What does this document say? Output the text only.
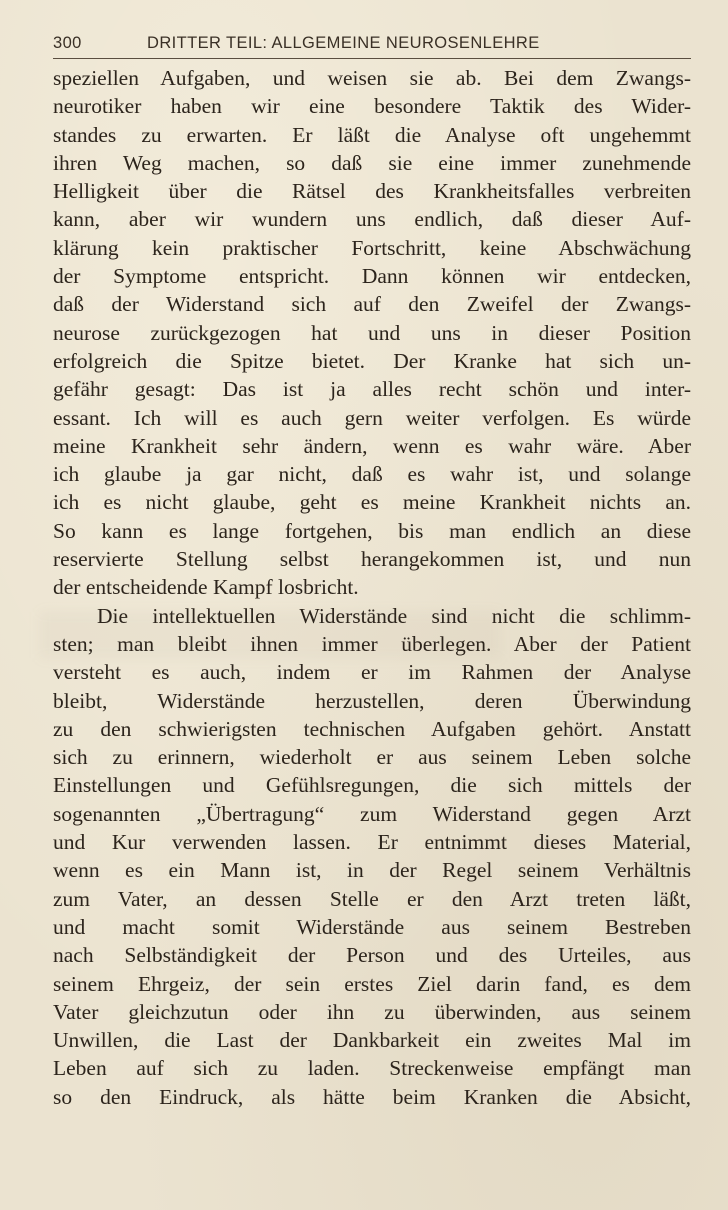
300	DRITTER TEIL: ALLGEMEINE NEUROSENLEHRE
speziellen Aufgaben, und weisen sie ab. Bei dem Zwangs-
neurotiker haben wir eine besondere Taktik des Wider-
standes zu erwarten. Er läßt die Analyse oft ungehemmt
ihren Weg machen, so daß sie eine immer zunehmende
Helligkeit über die Rätsel des Krankheitsfalles verbreiten
kann, aber wir wundern uns endlich, daß dieser Auf-
klärung kein praktischer Fortschritt, keine Abschwächung
der Symptome entspricht. Dann können wir entdecken,
daß der Widerstand sich auf den Zweifel der Zwangs-
neurose zurückgezogen hat und uns in dieser Position
erfolgreich die Spitze bietet. Der Kranke hat sich un-
gefähr gesagt: Das ist ja alles recht schön und inter-
essant. Ich will es auch gern weiter verfolgen. Es würde
meine Krankheit sehr ändern, wenn es wahr wäre. Aber
ich glaube ja gar nicht, daß es wahr ist, und solange
ich es nicht glaube, geht es meine Krankheit nichts an.
So kann es lange fortgehen, bis man endlich an diese
reservierte Stellung selbst herangekommen ist, und nun
der entscheidende Kampf losbricht.
Die intellektuellen Widerstände sind nicht die schlimm-
sten; man bleibt ihnen immer überlegen. Aber der Patient
versteht es auch, indem er im Rahmen der Analyse
bleibt, Widerstände herzustellen, deren Überwindung
zu den schwierigsten technischen Aufgaben gehört. Anstatt
sich zu erinnern, wiederholt er aus seinem Leben solche
Einstellungen und Gefühlsregungen, die sich mittels der
sogenannten „Übertragung“ zum Widerstand gegen Arzt
und Kur verwenden lassen. Er entnimmt dieses Material,
wenn es ein Mann ist, in der Regel seinem Verhältnis
zum Vater, an dessen Stelle er den Arzt treten läßt,
und macht somit Widerstände aus seinem Bestreben
nach Selbständigkeit der Person und des Urteiles, aus
seinem Ehrgeiz, der sein erstes Ziel darin fand, es dem
Vater gleichzutun oder ihn zu überwinden, aus seinem
Unwillen, die Last der Dankbarkeit ein zweites Mal im
Leben auf sich zu laden. Streckenweise empfängt man
so den Eindruck, als hätte beim Kranken die Absicht,
